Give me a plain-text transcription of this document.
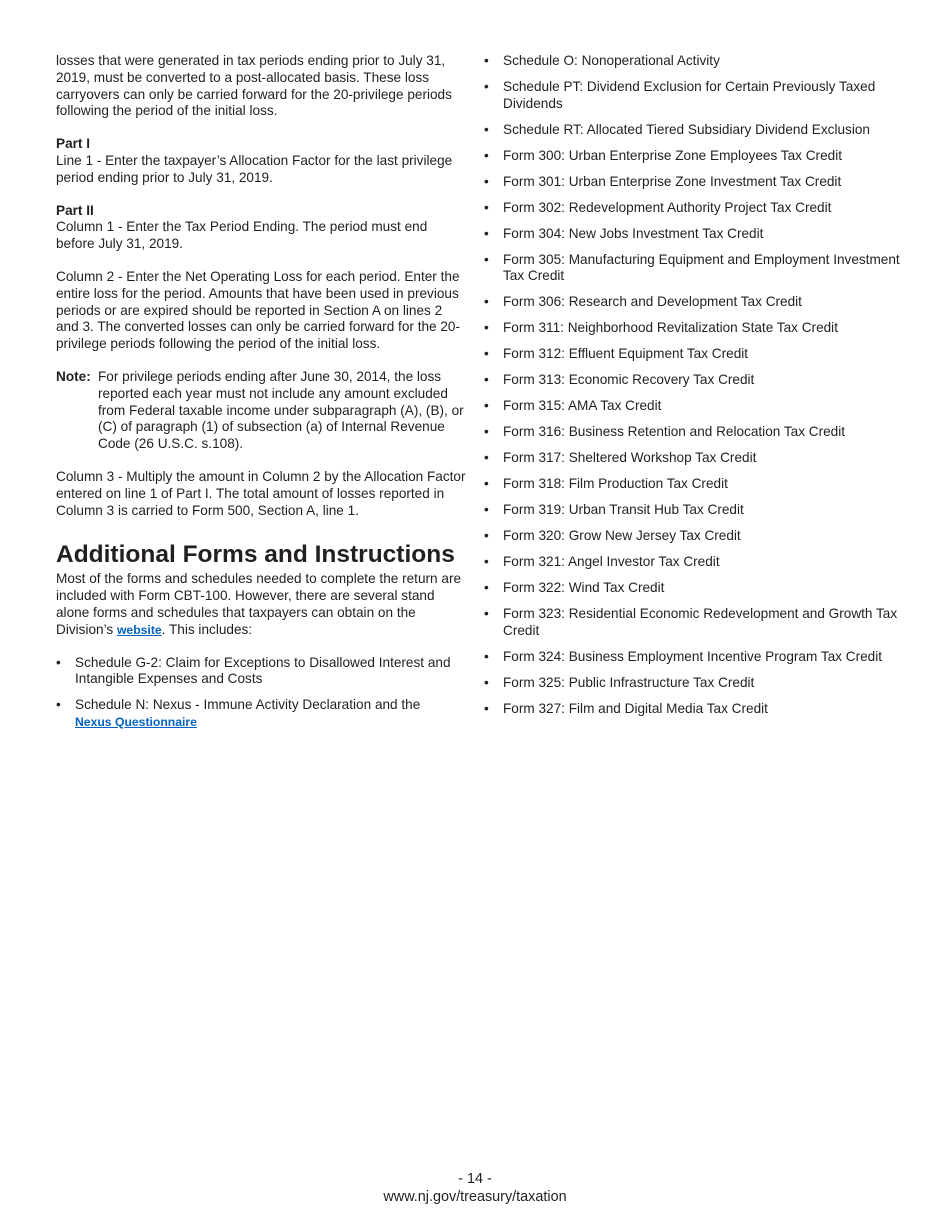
losses that were generated in tax periods ending prior to July 31, 2019, must be converted to a post-allocated basis. These loss carryovers can only be carried forward for the 20-privilege periods following the period of the initial loss.

Part I

Line 1 - Enter the taxpayer’s Allocation Factor for the last privilege period ending prior to July 31, 2019.

Part II

Column 1 - Enter the Tax Period Ending. The period must end before July 31, 2019.

Column 2 - Enter the Net Operating Loss for each period. Enter the entire loss for the period. Amounts that have been used in previous periods or are expired should be reported in Section A on lines 2 and 3. The converted losses can only be carried forward for the 20-privilege periods following the period of the initial loss.

Note: For privilege periods ending after June 30, 2014, the loss reported each year must not include any amount excluded from Federal taxable income under subparagraph (A), (B), or (C) of paragraph (1) of subsection (a) of Internal Revenue Code (26 U.S.C. s.108).

Column 3 - Multiply the amount in Column 2 by the Allocation Factor entered on line 1 of Part I. The total amount of losses reported in Column 3 is carried to Form 500, Section A, line 1.

Additional Forms and Instructions

Most of the forms and schedules needed to complete the return are included with Form CBT-100. However, there are several stand alone forms and schedules that taxpayers can obtain on the Division’s website. This includes:

• Schedule G-2: Claim for Exceptions to Disallowed Interest and Intangible Expenses and Costs
• Schedule N: Nexus - Immune Activity Declaration and the
Nexus Questionnaire
• Schedule O: Nonoperational Activity
• Schedule PT: Dividend Exclusion for Certain Previously Taxed Dividends
• Schedule RT: Allocated Tiered Subsidiary Dividend Exclusion
• Form 300: Urban Enterprise Zone Employees Tax Credit
• Form 301: Urban Enterprise Zone Investment Tax Credit
• Form 302: Redevelopment Authority Project Tax Credit
• Form 304: New Jobs Investment Tax Credit
• Form 305: Manufacturing Equipment and Employment Investment Tax Credit
• Form 306: Research and Development Tax Credit
• Form 311: Neighborhood Revitalization State Tax Credit
• Form 312: Effluent Equipment Tax Credit
• Form 313: Economic Recovery Tax Credit
• Form 315: AMA Tax Credit
• Form 316: Business Retention and Relocation Tax Credit
• Form 317: Sheltered Workshop Tax Credit
• Form 318: Film Production Tax Credit
• Form 319: Urban Transit Hub Tax Credit
• Form 320: Grow New Jersey Tax Credit
• Form 321: Angel Investor Tax Credit
• Form 322: Wind Tax Credit
• Form 323: Residential Economic Redevelopment and Growth Tax Credit
• Form 324: Business Employment Incentive Program Tax Credit
• Form 325: Public Infrastructure Tax Credit
• Form 327: Film and Digital Media Tax Credit
- 14 -
www.nj.gov/treasury/taxation
